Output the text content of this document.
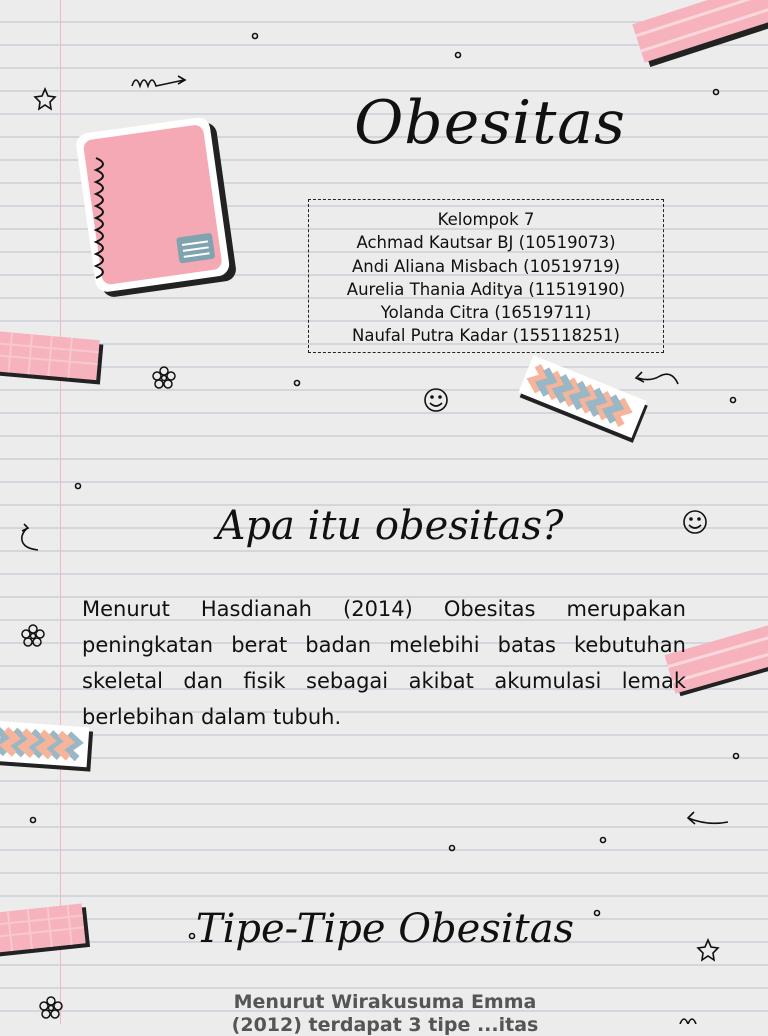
Obesitas
Kelompok 7
Achmad Kautsar BJ (10519073)
Andi Aliana Misbach (10519719)
Aurelia Thania Aditya (11519190)
Yolanda Citra (16519711)
Naufal Putra Kadar (155118251)
Apa itu obesitas?
Menurut Hasdianah (2014) Obesitas merupakan peningkatan berat badan melebihi batas kebutuhan skeletal dan fisik sebagai akibat akumulasi lemak berlebihan dalam tubuh.
Tipe-Tipe Obesitas
Menurut Wirakusuma Emma
(2012) terdapat 3 tipe ...itas
